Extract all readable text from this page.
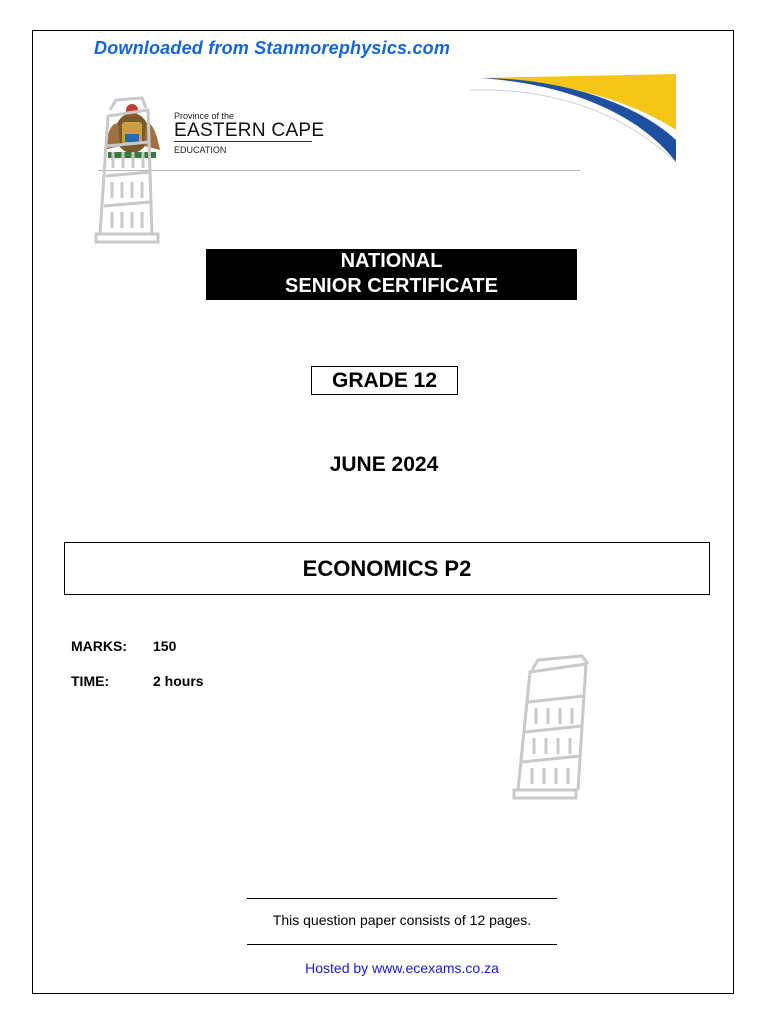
Downloaded from Stanmorephysics.com
Province of the
EASTERN CAPE
EDUCATION
NATIONAL
SENIOR CERTIFICATE
GRADE 12
JUNE 2024
ECONOMICS P2
MARKS: 150
TIME:	2 hours
This question paper consists of 12 pages.
Hosted by www.ecexams.co.za
